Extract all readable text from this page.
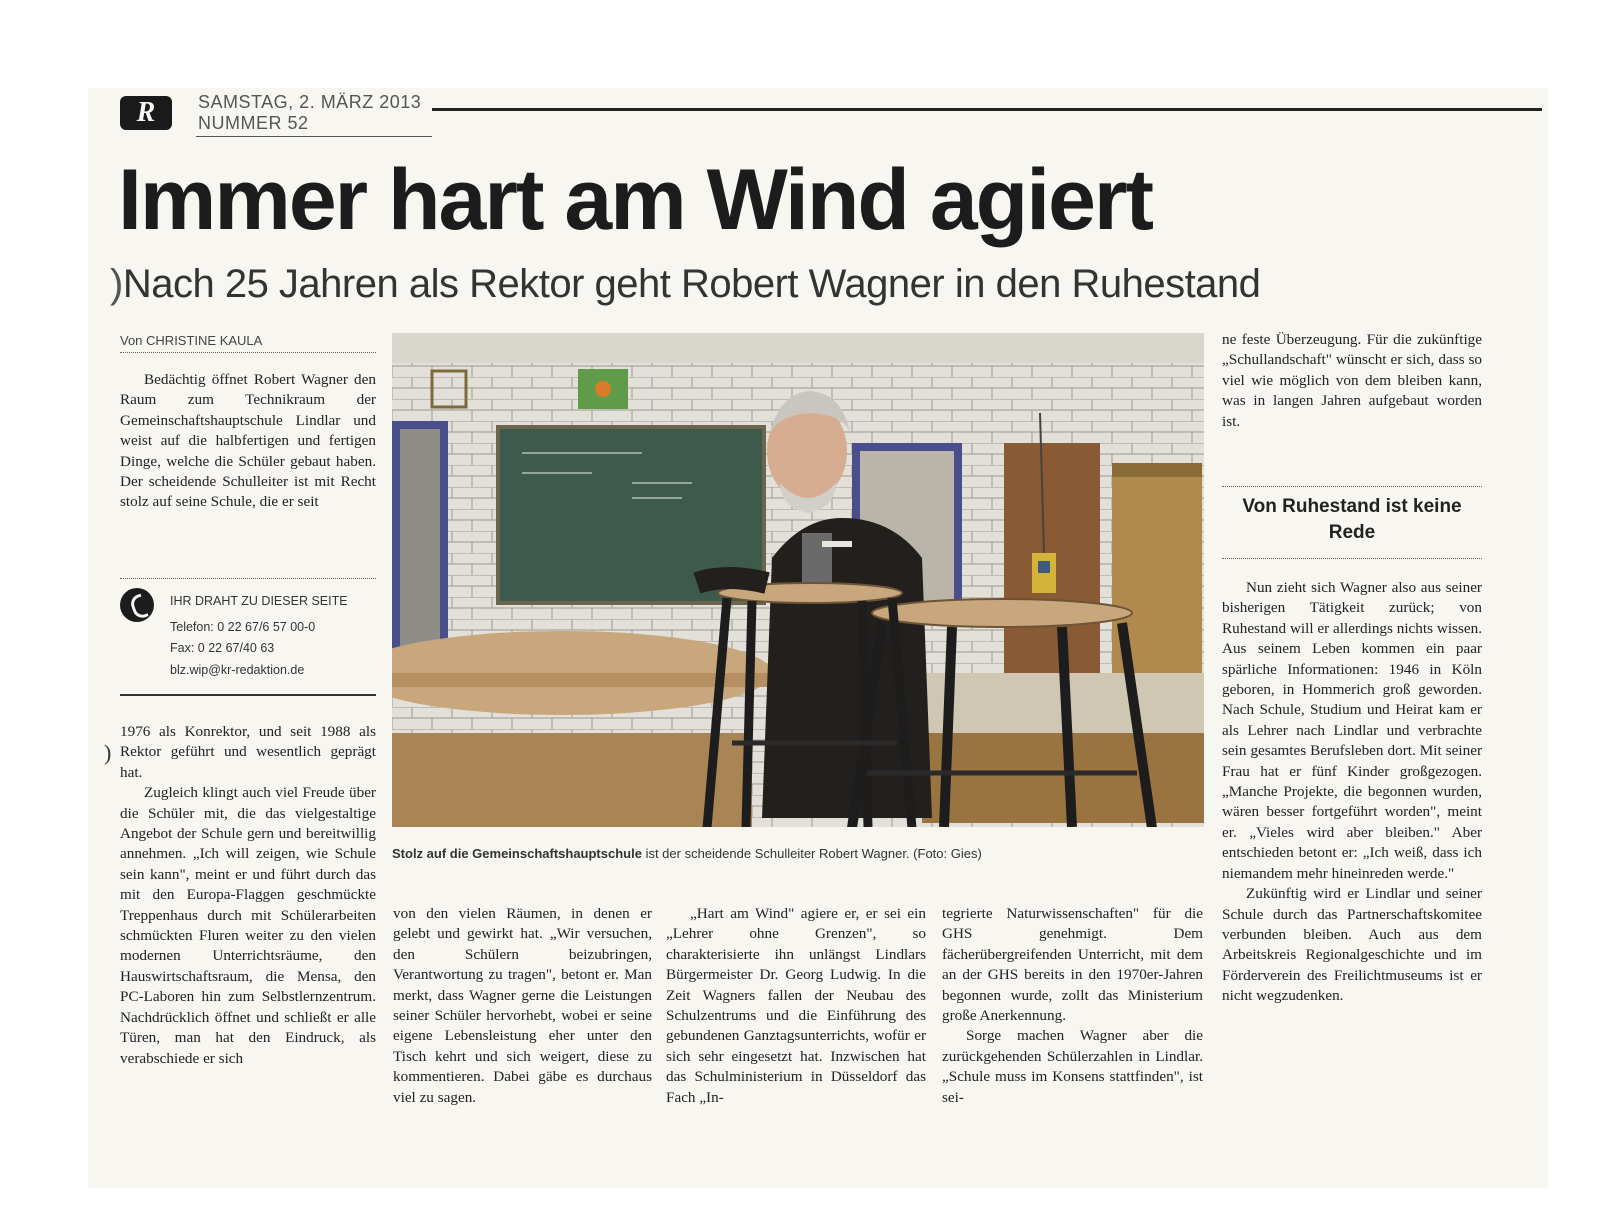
R	SAMSTAG, 2. MÄRZ 2013
NUMMER 52
Immer hart am Wind agiert
)Nach 25 Jahren als Rektor geht Robert Wagner in den Ruhestand
Von CHRISTINE KAULA

Bedächtig öffnet Robert Wagner den Raum zum Technikraum der Gemeinschaftshauptschule Lindlar und weist auf die halbfertigen und fertigen Dinge, welche die Schüler gebaut haben. Der scheidende Schulleiter ist mit Recht stolz auf seine Schule, die er seit

IHR DRAHT ZU DIESER SEITE
Telefon: 0 22 67/6 57 00-0
Fax: 0 22 67/40 63
blz.wip@kr-redaktion.de
)

1976 als Konrektor, und seit 1988 als Rektor geführt und wesentlich geprägt hat.

Zugleich klingt auch viel Freude über die Schüler mit, die das vielgestaltige Angebot der Schule gern und bereitwillig annehmen. „Ich will zeigen, wie Schule sein kann", meint er und führt durch das mit den Europa-Flaggen geschmückte Treppenhaus durch mit Schülerarbeiten schmückten Fluren weiter zu den vielen modernen Unterrichtsräume, den Hauswirtschaftsraum, die Mensa, den PC-Laboren hin zum Selbstlernzentrum. Nachdrücklich öffnet und schließt er alle Türen, man hat den Eindruck, als verabschiede er sich

Stolz auf die Gemeinschaftshauptschule ist der scheidende Schulleiter Robert Wagner. (Foto: Gies)

von den vielen Räumen, in denen er gelebt und gewirkt hat. „Wir versuchen, den Schülern beizubringen, Verantwortung zu tragen", betont er. Man merkt, dass Wagner gerne die Leistungen seiner Schüler hervorhebt, wobei er seine eigene Lebensleistung eher unter den Tisch kehrt und sich weigert, diese zu kommentieren. Dabei gäbe es durchaus viel zu sagen.

„Hart am Wind" agiere er, er sei ein „Lehrer ohne Grenzen", so charakterisierte ihn unlängst Lindlars Bürgermeister Dr. Georg Ludwig. In die Zeit Wagners fallen der Neubau des Schulzentrums und die Einführung des gebundenen Ganztagsunterrichts, wofür er sich sehr eingesetzt hat. Inzwischen hat das Schulministerium in Düsseldorf das Fach „In-

tegrierte Naturwissenschaften" für die GHS genehmigt. Dem fächerübergreifenden Unterricht, mit dem an der GHS bereits in den 1970er-Jahren begonnen wurde, zollt das Ministerium große Anerkennung.

Sorge machen Wagner aber die zurückgehenden Schülerzahlen in Lindlar. „Schule muss im Konsens stattfinden", ist sei-

ne feste Überzeugung. Für die zukünftige „Schullandschaft" wünscht er sich, dass so viel wie möglich von dem bleiben kann, was in langen Jahren aufgebaut worden ist.

Von Ruhestand ist keine Rede

Nun zieht sich Wagner also aus seiner bisherigen Tätigkeit zurück; von Ruhestand will er allerdings nichts wissen. Aus seinem Leben kommen ein paar spärliche Informationen: 1946 in Köln geboren, in Hommerich groß geworden. Nach Schule, Studium und Heirat kam er als Lehrer nach Lindlar und verbrachte sein gesamtes Berufsleben dort. Mit seiner Frau hat er fünf Kinder großgezogen. „Manche Projekte, die begonnen wurden, wären besser fortgeführt worden", meint er. „Vieles wird aber bleiben." Aber entschieden betont er: „Ich weiß, dass ich niemandem mehr hineinreden werde."

Zukünftig wird er Lindlar und seiner Schule durch das Partnerschaftskomitee verbunden bleiben. Auch aus dem Arbeitskreis Regionalgeschichte und im Förderverein des Freilichtmuseums ist er nicht wegzudenken.
